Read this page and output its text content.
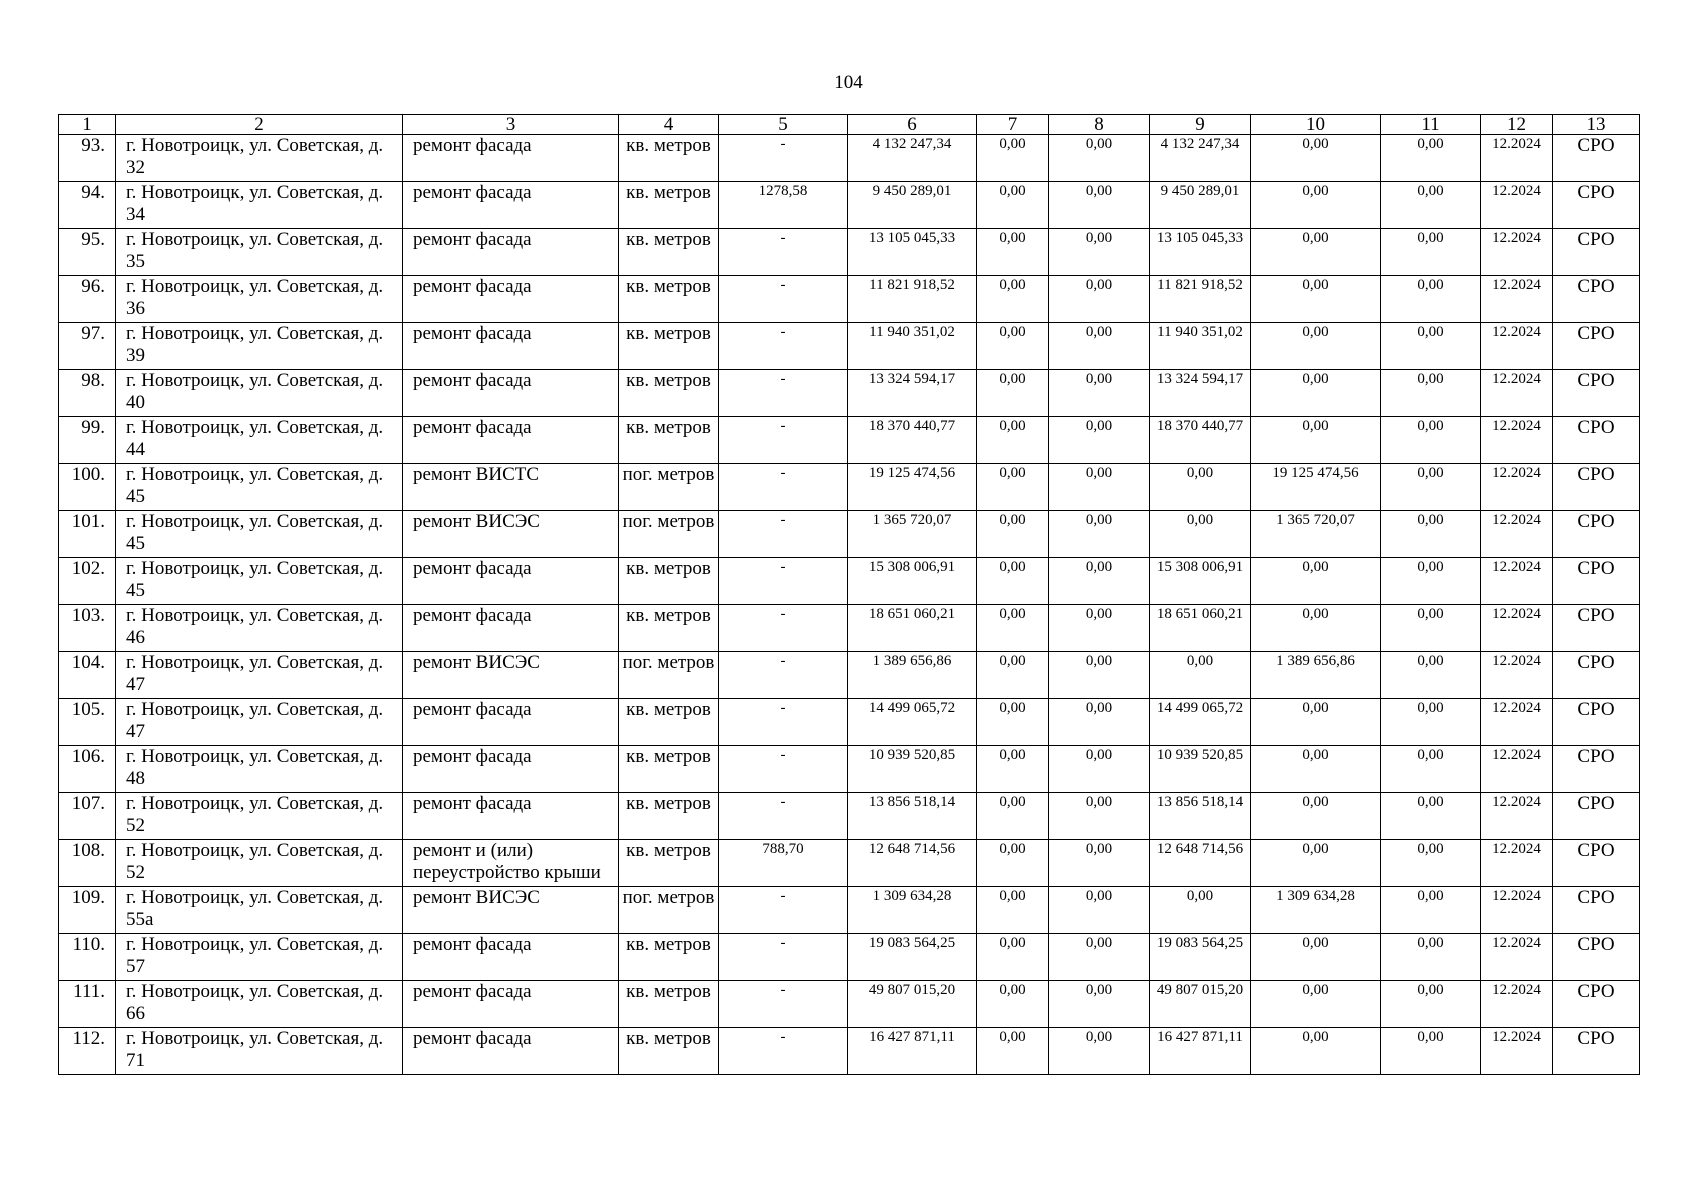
104
1	2	3	4	5	6	7	8	9	10	11	12	13
93.	г. Новотроицк, ул. Советская, д. 32	ремонт фасада	кв. метров	-	4 132 247,34	0,00	0,00	4 132 247,34	0,00	0,00	12.2024	СРО
94.	г. Новотроицк, ул. Советская, д. 34	ремонт фасада	кв. метров	1278,58	9 450 289,01	0,00	0,00	9 450 289,01	0,00	0,00	12.2024	СРО
95.	г. Новотроицк, ул. Советская, д. 35	ремонт фасада	кв. метров	-	13 105 045,33	0,00	0,00	13 105 045,33	0,00	0,00	12.2024	СРО
96.	г. Новотроицк, ул. Советская, д. 36	ремонт фасада	кв. метров	-	11 821 918,52	0,00	0,00	11 821 918,52	0,00	0,00	12.2024	СРО
97.	г. Новотроицк, ул. Советская, д. 39	ремонт фасада	кв. метров	-	11 940 351,02	0,00	0,00	11 940 351,02	0,00	0,00	12.2024	СРО
98.	г. Новотроицк, ул. Советская, д. 40	ремонт фасада	кв. метров	-	13 324 594,17	0,00	0,00	13 324 594,17	0,00	0,00	12.2024	СРО
99.	г. Новотроицк, ул. Советская, д. 44	ремонт фасада	кв. метров	-	18 370 440,77	0,00	0,00	18 370 440,77	0,00	0,00	12.2024	СРО
100.	г. Новотроицк, ул. Советская, д. 45	ремонт ВИСТС	пог. метров	-	19 125 474,56	0,00	0,00	0,00	19 125 474,56	0,00	12.2024	СРО
101.	г. Новотроицк, ул. Советская, д. 45	ремонт ВИСЭС	пог. метров	-	1 365 720,07	0,00	0,00	0,00	1 365 720,07	0,00	12.2024	СРО
102.	г. Новотроицк, ул. Советская, д. 45	ремонт фасада	кв. метров	-	15 308 006,91	0,00	0,00	15 308 006,91	0,00	0,00	12.2024	СРО
103.	г. Новотроицк, ул. Советская, д. 46	ремонт фасада	кв. метров	-	18 651 060,21	0,00	0,00	18 651 060,21	0,00	0,00	12.2024	СРО
104.	г. Новотроицк, ул. Советская, д. 47	ремонт ВИСЭС	пог. метров	-	1 389 656,86	0,00	0,00	0,00	1 389 656,86	0,00	12.2024	СРО
105.	г. Новотроицк, ул. Советская, д. 47	ремонт фасада	кв. метров	-	14 499 065,72	0,00	0,00	14 499 065,72	0,00	0,00	12.2024	СРО
106.	г. Новотроицк, ул. Советская, д. 48	ремонт фасада	кв. метров	-	10 939 520,85	0,00	0,00	10 939 520,85	0,00	0,00	12.2024	СРО
107.	г. Новотроицк, ул. Советская, д. 52	ремонт фасада	кв. метров	-	13 856 518,14	0,00	0,00	13 856 518,14	0,00	0,00	12.2024	СРО
108.	г. Новотроицк, ул. Советская, д. 52	ремонт и (или) переустройство крыши	кв. метров	788,70	12 648 714,56	0,00	0,00	12 648 714,56	0,00	0,00	12.2024	СРО
109.	г. Новотроицк, ул. Советская, д. 55а	ремонт ВИСЭС	пог. метров	-	1 309 634,28	0,00	0,00	0,00	1 309 634,28	0,00	12.2024	СРО
110.	г. Новотроицк, ул. Советская, д. 57	ремонт фасада	кв. метров	-	19 083 564,25	0,00	0,00	19 083 564,25	0,00	0,00	12.2024	СРО
111.	г. Новотроицк, ул. Советская, д. 66	ремонт фасада	кв. метров	-	49 807 015,20	0,00	0,00	49 807 015,20	0,00	0,00	12.2024	СРО
112.	г. Новотроицк, ул. Советская, д. 71	ремонт фасада	кв. метров	-	16 427 871,11	0,00	0,00	16 427 871,11	0,00	0,00	12.2024	СРО
